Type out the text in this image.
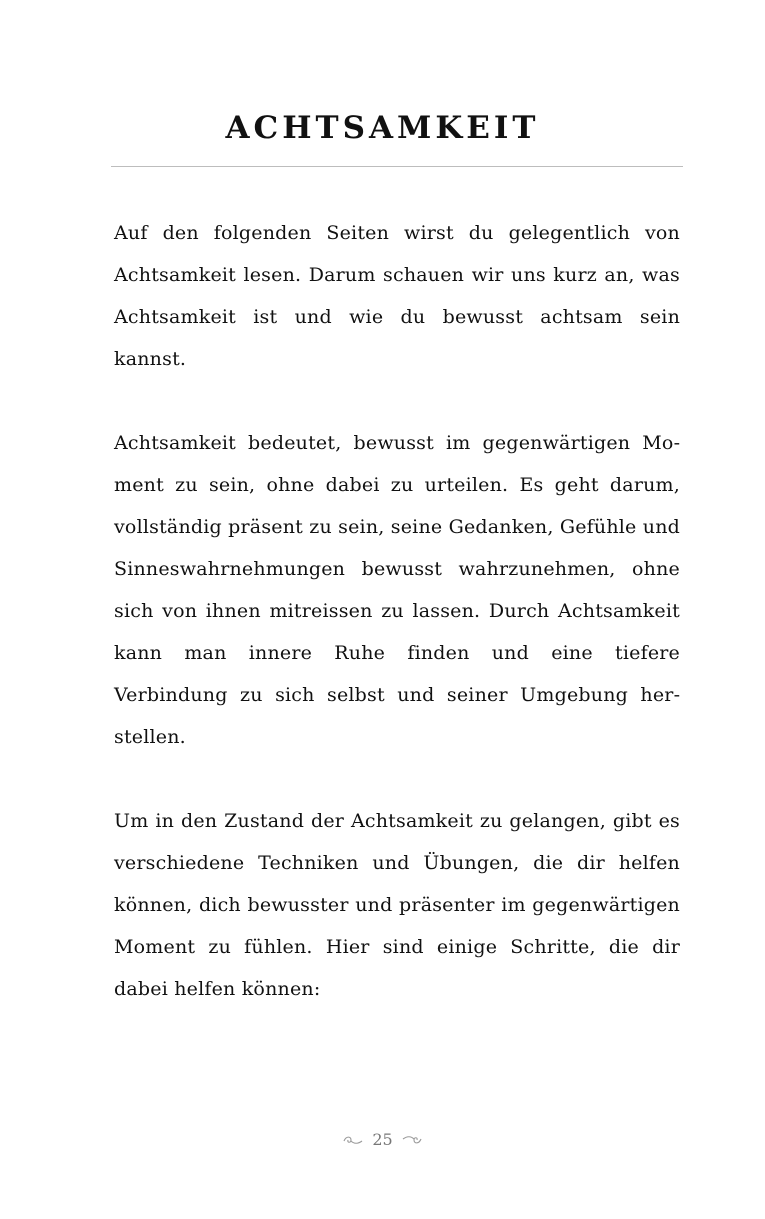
ACHTSAMKEIT

Auf den folgenden Seiten wirst du gelegentlich von Achtsamkeit lesen. Darum schauen wir uns kurz an, was Achtsamkeit ist und wie du bewusst achtsam sein kannst.

Achtsamkeit bedeutet, bewusst im gegenwärtigen Moment zu sein, ohne dabei zu urteilen. Es geht darum, vollständig präsent zu sein, seine Gedanken, Gefühle und Sinneswahrnehmungen bewusst wahrzunehmen, ohne sich von ihnen mitreissen zu lassen. Durch Achtsamkeit kann man innere Ruhe finden und eine tiefere Verbindung zu sich selbst und seiner Umgebung herstellen.

Um in den Zustand der Achtsamkeit zu gelangen, gibt es verschiedene Techniken und Übungen, die dir helfen können, dich bewusster und präsenter im gegenwärtigen Moment zu fühlen. Hier sind einige Schritte, die dir dabei helfen können:

25
